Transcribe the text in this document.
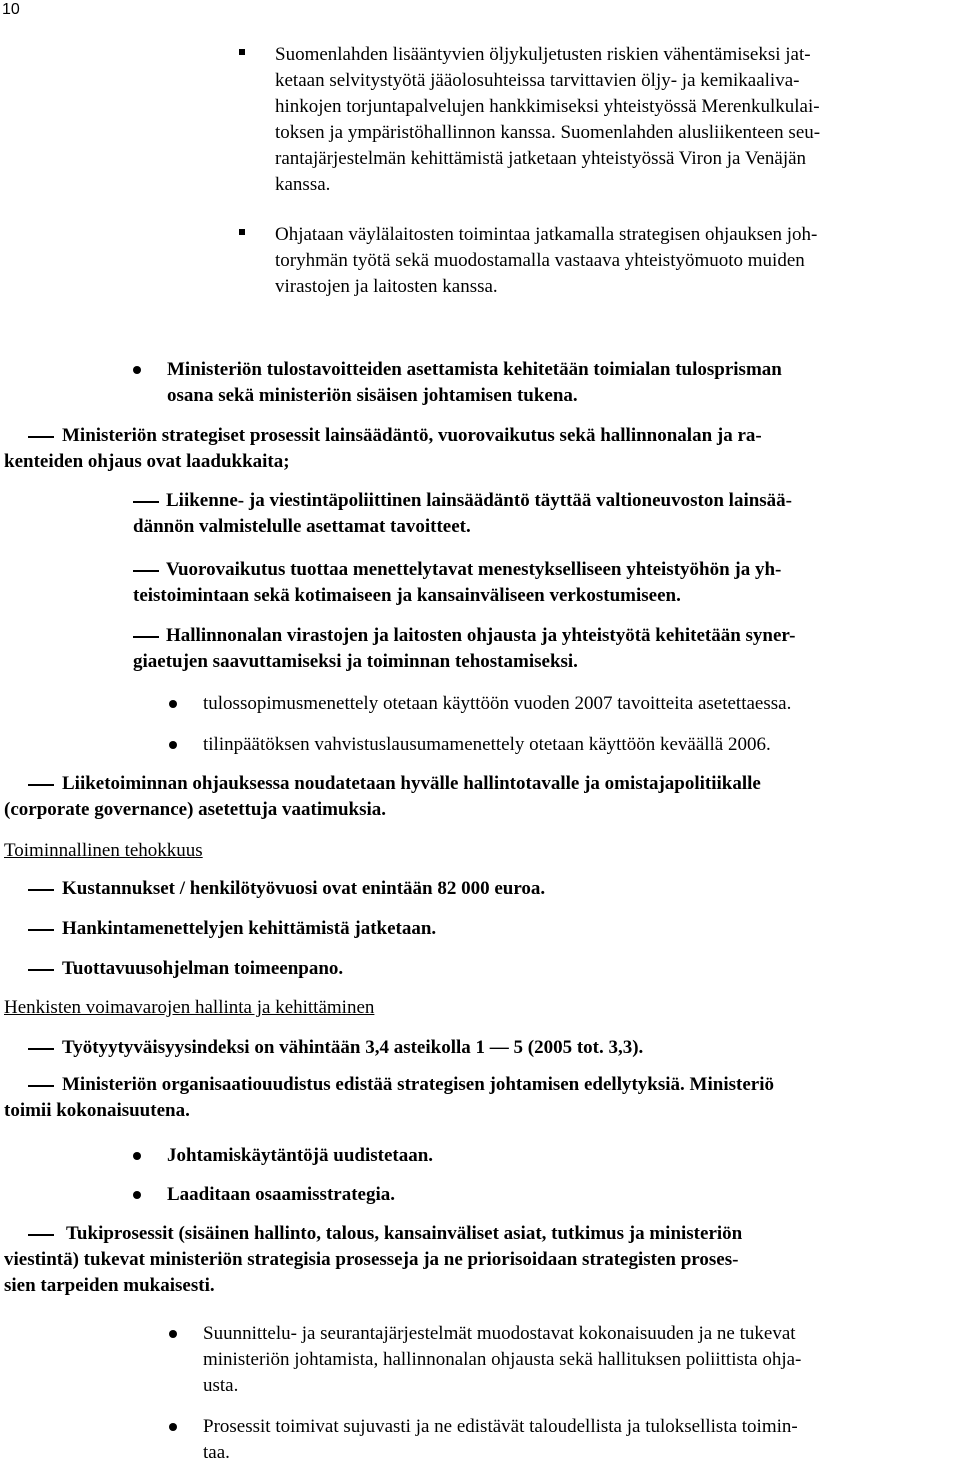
10
Suomenlahden lisääntyvien öljykuljetusten riskien vähentämiseksi jat-
ketaan selvitystyötä jääolosuhteissa tarvittavien öljy- ja kemikaaliva-
hinkojen torjuntapalvelujen hankkimiseksi yhteistyössä Merenkulkulai-
toksen ja ympäristöhallinnon kanssa. Suomenlahden alusliikenteen seu-
rantajärjestelmän kehittämistä jatketaan yhteistyössä Viron ja Venäjän
kanssa.
Ohjataan väylälaitosten toimintaa jatkamalla strategisen ohjauksen joh-
toryhmän työtä sekä muodostamalla vastaava yhteistyömuoto muiden
virastojen ja laitosten kanssa.
Ministeriön tulostavoitteiden asettamista kehitetään toimialan tulosprisman
osana sekä ministeriön sisäisen johtamisen tukena.
Ministeriön strategiset prosessit lainsäädäntö, vuorovaikutus sekä hallinnonalan ja ra-
kenteiden ohjaus ovat laadukkaita;
Liikenne- ja viestintäpoliittinen lainsäädäntö täyttää valtioneuvoston lainsää-
dännön valmistelulle asettamat tavoitteet.
Vuorovaikutus tuottaa menettelytavat menestykselliseen yhteistyöhön ja yh-
teistoimintaan sekä kotimaiseen ja kansainväliseen verkostumiseen.
Hallinnonalan virastojen ja laitosten ohjausta ja yhteistyötä kehitetään syner-
giaetujen saavuttamiseksi ja toiminnan tehostamiseksi.
tulossopimusmenettely otetaan käyttöön vuoden 2007 tavoitteita asetettaessa.
tilinpäätöksen vahvistuslausumamenettely otetaan käyttöön keväällä 2006.
Liiketoiminnan ohjauksessa noudatetaan hyvälle hallintotavalle ja omistajapolitiikalle
(corporate governance) asetettuja vaatimuksia.
Toiminnallinen tehokkuus
Kustannukset / henkilötyövuosi ovat enintään 82 000 euroa.
Hankintamenettelyjen kehittämistä jatketaan.
Tuottavuusohjelman toimeenpano.
Henkisten voimavarojen hallinta ja kehittäminen
Työtyytyväisyysindeksi on vähintään 3,4 asteikolla 1 — 5 (2005 tot. 3,3).
Ministeriön organisaatiouudistus edistää strategisen johtamisen edellytyksiä. Ministeriö
toimii kokonaisuutena.
Johtamiskäytäntöjä uudistetaan.
Laaditaan osaamisstrategia.
Tukiprosessit (sisäinen hallinto, talous, kansainväliset asiat, tutkimus ja ministeriön
viestintä) tukevat ministeriön strategisia prosesseja ja ne priorisoidaan strategisten proses-
sien tarpeiden mukaisesti.
Suunnittelu- ja seurantajärjestelmät muodostavat kokonaisuuden ja ne tukevat
ministeriön johtamista, hallinnonalan ohjausta sekä hallituksen poliittista ohja-
usta.
Prosessit toimivat sujuvasti ja ne edistävät taloudellista ja tuloksellista toimin-
taa.
